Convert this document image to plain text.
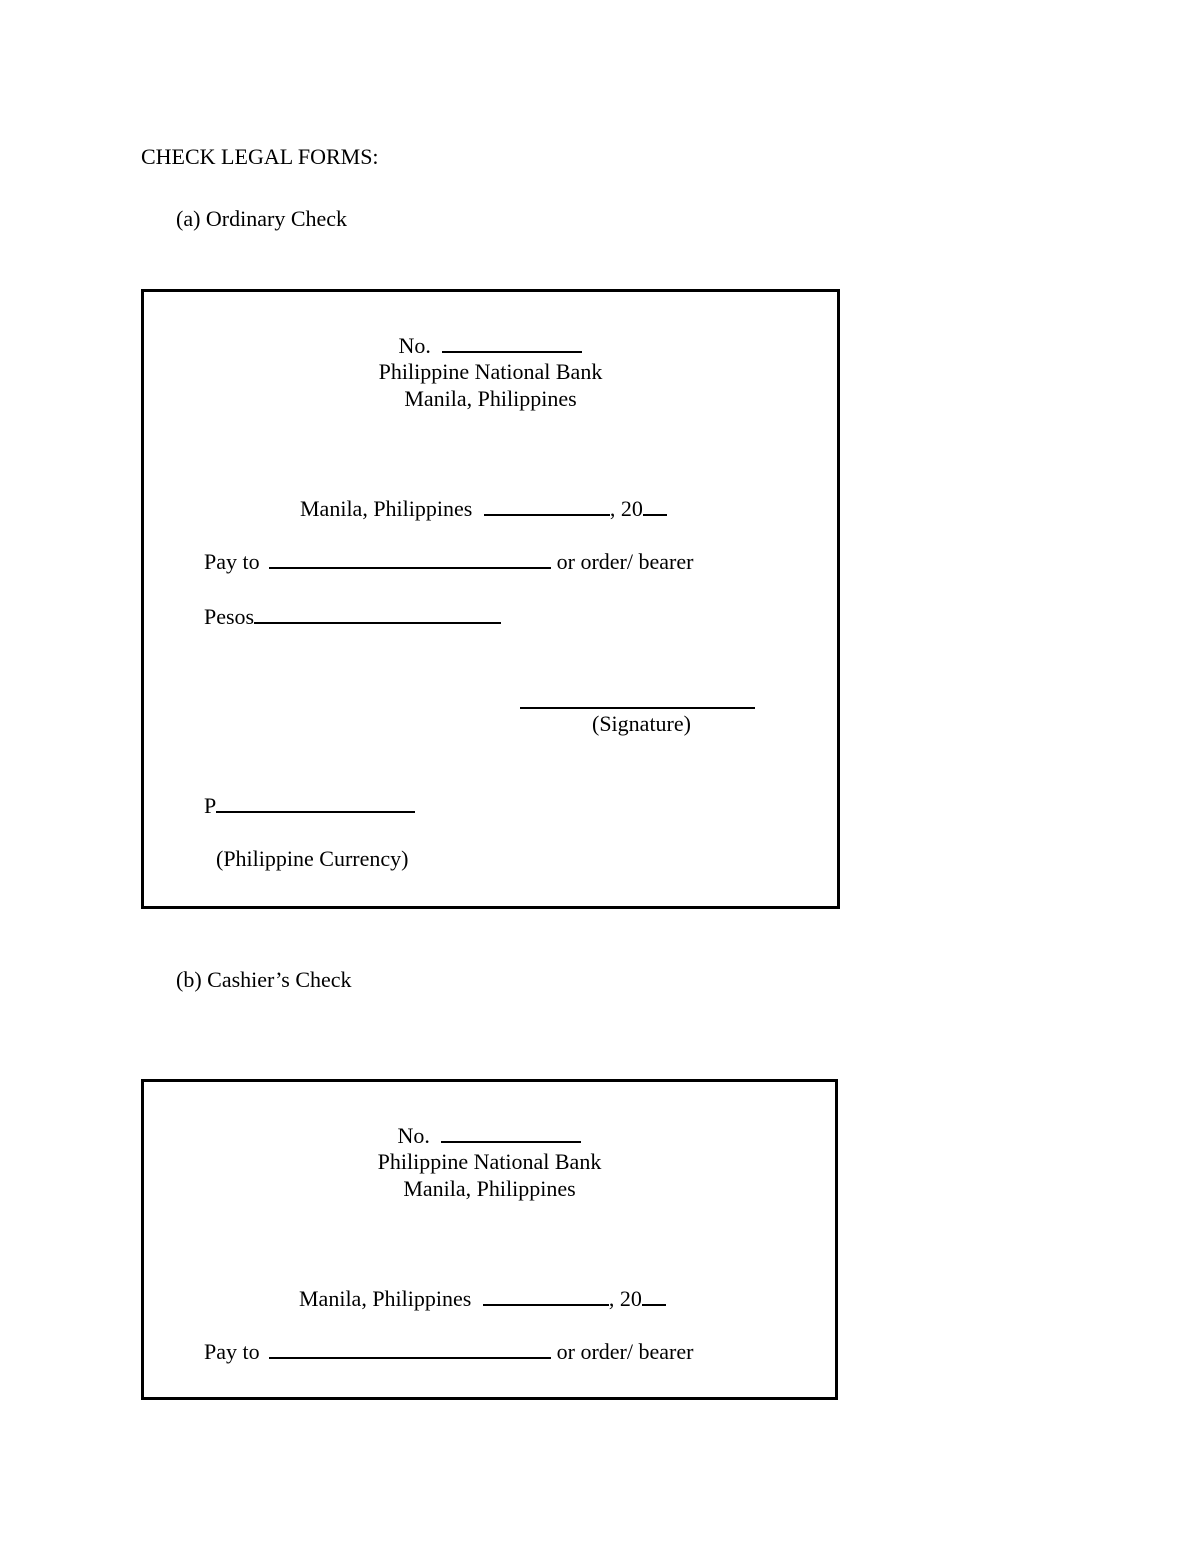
CHECK LEGAL FORMS:
(a) Ordinary Check
No.
Philippine National Bank
Manila, Philippines
Manila, Philippines	, 20
Pay to	or order/ bearer
Pesos
(Signature)
P
(Philippine Currency)
(b) Cashier’s Check
No.
Philippine National Bank
Manila, Philippines
Manila, Philippines	, 20
Pay to	or order/ bearer
